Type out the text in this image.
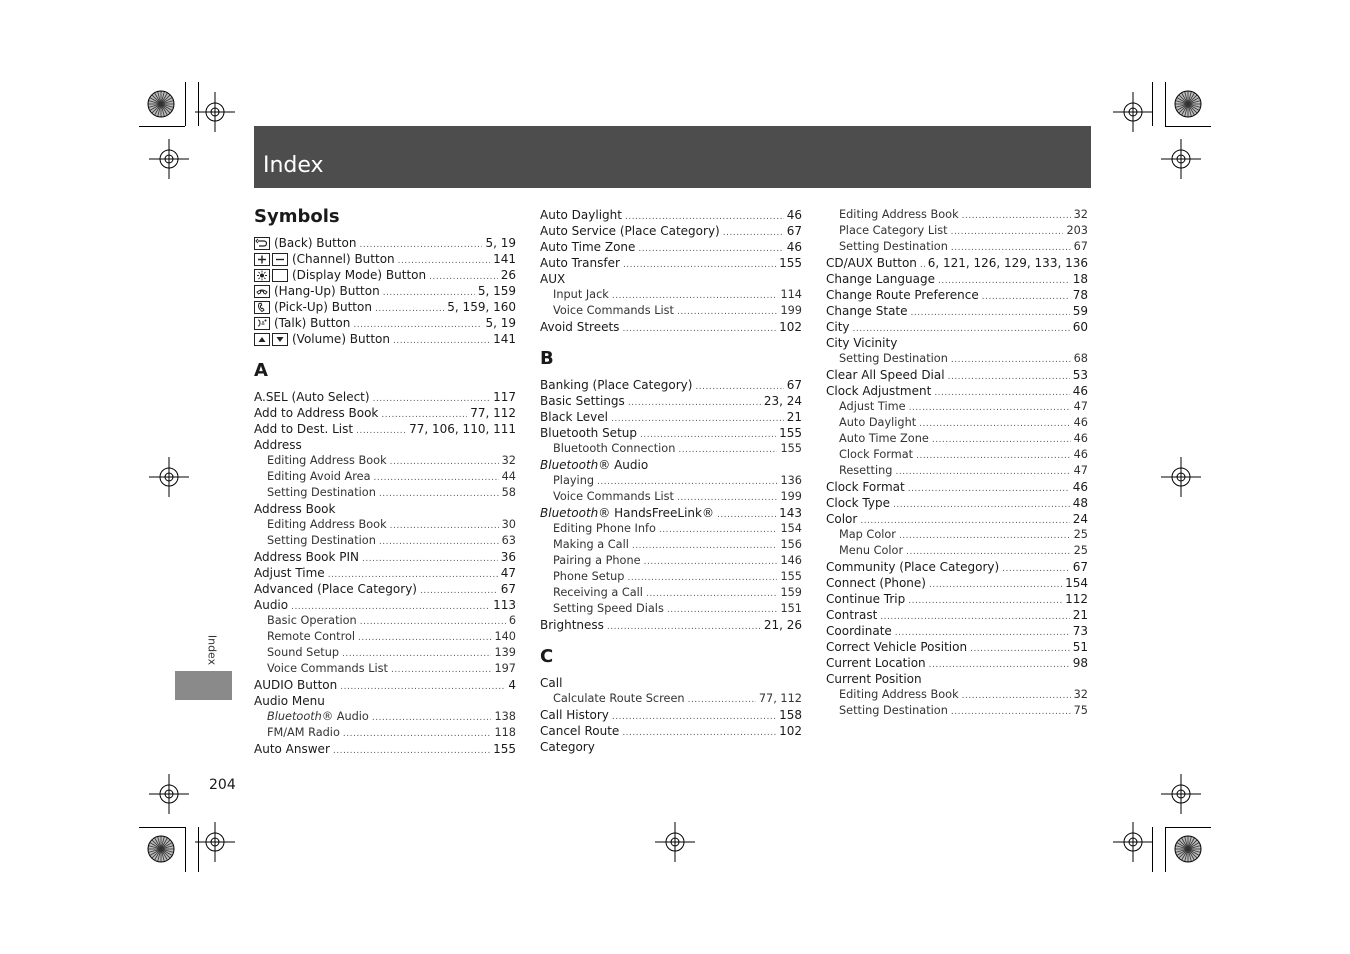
Index
Index
204
Symbols
(Back) Button .....	5, 19
(Channel) Button .....	141
(Display Mode) Button .....	26
(Hang-Up) Button .....	5, 159
(Pick-Up) Button .....	5, 159, 160
(Talk) Button .....	5, 19
(Volume) Button .....	141
A
A.SEL (Auto Select) .....	117
Add to Address Book .....	77, 112
Add to Dest. List .....	77, 106, 110, 111
Address
Editing Address Book .....	32
Editing Avoid Area .....	44
Setting Destination .....	58
Address Book
Editing Address Book .....	30
Setting Destination .....	63
Address Book PIN .....	36
Adjust Time .....	47
Advanced (Place Category) .....	67
Audio .....	113
Basic Operation .....	6
Remote Control .....	140
Sound Setup .....	139
Voice Commands List .....	197
AUDIO Button .....	4
Audio Menu
Bluetooth® Audio .....	138
FM/AM Radio .....	118
Auto Answer .....	155
Auto Daylight .....	46
Auto Service (Place Category) .....	67
Auto Time Zone .....	46
Auto Transfer .....	155
AUX
Input Jack .....	114
Voice Commands List .....	199
Avoid Streets .....	102
B
Banking (Place Category) .....	67
Basic Settings .....	23, 24
Black Level .....	21
Bluetooth Setup .....	155
Bluetooth Connection .....	155
Bluetooth® Audio
Playing .....	136
Voice Commands List .....	199
Bluetooth® HandsFreeLink® .....	143
Editing Phone Info .....	154
Making a Call .....	156
Pairing a Phone .....	146
Phone Setup .....	155
Receiving a Call .....	159
Setting Speed Dials .....	151
Brightness .....	21, 26
C
Call
Calculate Route Screen .....	77, 112
Call History .....	158
Cancel Route .....	102
Category
Editing Address Book .....	32
Place Category List .....	203
Setting Destination .....	67
CD/AUX Button ..... 6, 121, 126, 129, 133, 136
Change Language .....	18
Change Route Preference .....	78
Change State .....	59
City .....	60
City Vicinity
Setting Destination .....	68
Clear All Speed Dial .....	53
Clock Adjustment .....	46
Adjust Time .....	47
Auto Daylight .....	46
Auto Time Zone .....	46
Clock Format .....	46
Resetting .....	47
Clock Format .....	46
Clock Type .....	48
Color .....	24
Map Color .....	25
Menu Color .....	25
Community (Place Category) .....	67
Connect (Phone) .....	154
Continue Trip .....	112
Contrast .....	21
Coordinate .....	73
Correct Vehicle Position .....	51
Current Location .....	98
Current Position
Editing Address Book .....	32
Setting Destination .....	75
